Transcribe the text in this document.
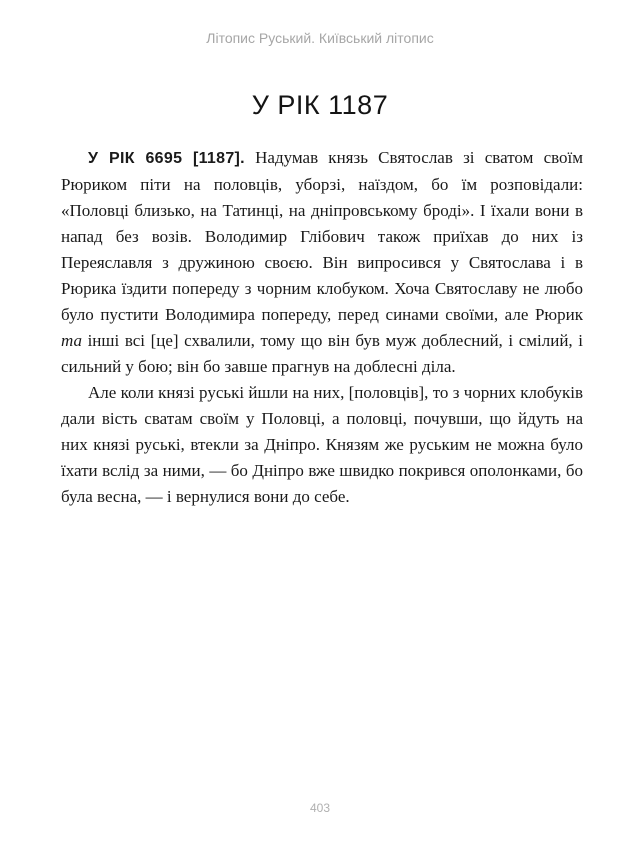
Літопис Руський. Київський літопис
У РІК 1187

У РІК 6695 [1187]. Надумав князь Святослав зі сватом своїм Рюриком піти на половців, уборзі, наїздом, бо їм розповідали: «Половці близько, на Татинці, на дніпровському броді». І їхали вони в напад без возів. Володимир Глібович також приїхав до них із Переяславля з дружиною своєю. Він випросився у Святослава і в Рюрика їздити попереду з чорним клобуком. Хоча Святославу не любо було пустити Володимира попереду, перед синами своїми, але Рюрик та інші всі [це] схвалили, тому що він був муж доблесний, і смілий, і сильний у бою; він бо завше прагнув на доблесні діла.

Але коли князі руські йшли на них, [половців], то з чорних клобуків дали вість сватам своїм у Половці, а половці, почувши, що йдуть на них князі руські, втекли за Дніпро. Князям же руським не можна було їхати вслід за ними, — бо Дніпро вже швидко покрився ополонками, бо була весна, — і вернулися вони до себе.

403
